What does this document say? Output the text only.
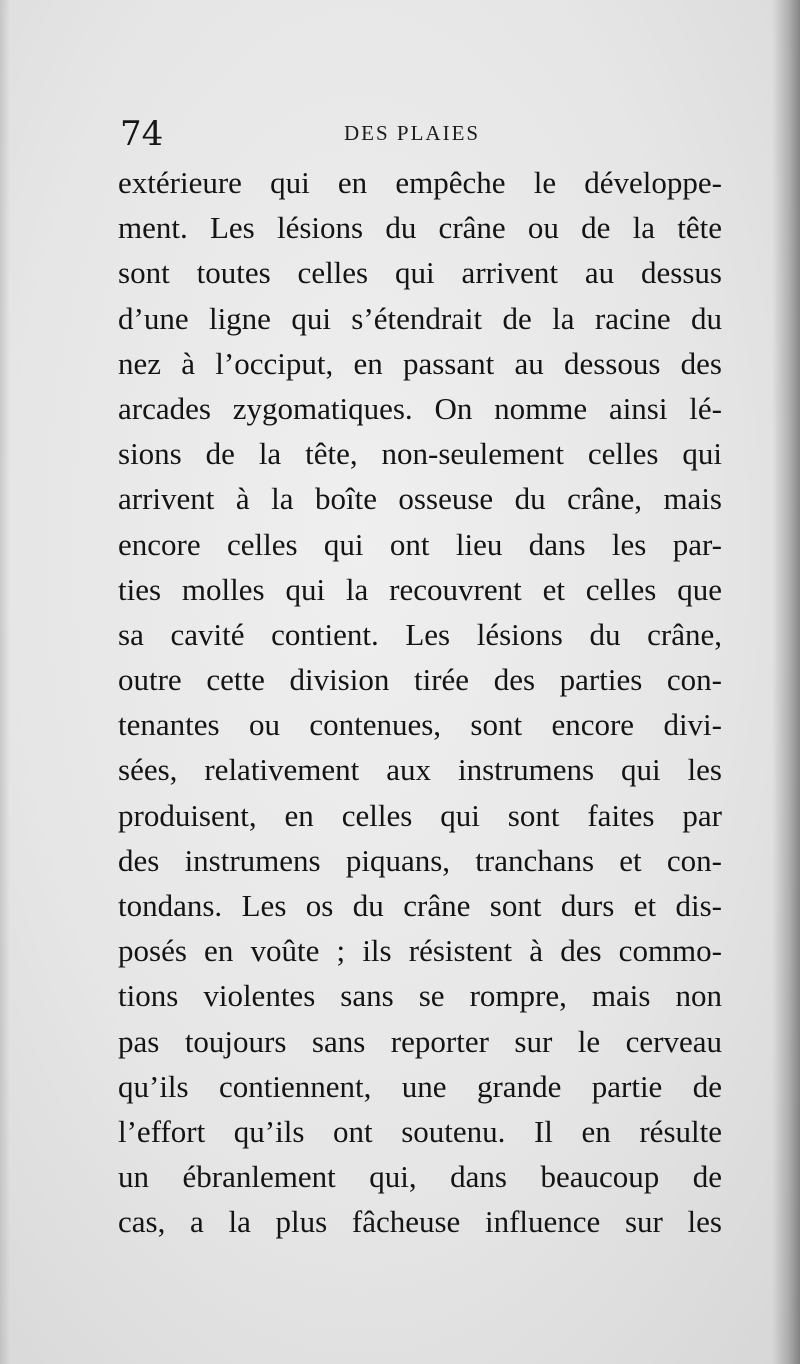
74	DES PLAIES
extérieure qui en empêche le développe-
ment. Les lésions du crâne ou de la tête
sont toutes celles qui arrivent au dessus
d’une ligne qui s’étendrait de la racine du
nez à l’occiput, en passant au dessous des
arcades zygomatiques. On nomme ainsi lé-
sions de la tête, non-seulement celles qui
arrivent à la boîte osseuse du crâne, mais
encore celles qui ont lieu dans les par-
ties molles qui la recouvrent et celles que
sa cavité contient. Les lésions du crâne,
outre cette division tirée des parties con-
tenantes ou contenues, sont encore divi-
sées, relativement aux instrumens qui les
produisent, en celles qui sont faites par
des instrumens piquans, tranchans et con-
tondans. Les os du crâne sont durs et dis-
posés en voûte ; ils résistent à des commo-
tions violentes sans se rompre, mais non
pas toujours sans reporter sur le cerveau
qu’ils contiennent, une grande partie de
l’effort qu’ils ont soutenu. Il en résulte
un ébranlement qui, dans beaucoup de
cas, a la plus fâcheuse influence sur les
